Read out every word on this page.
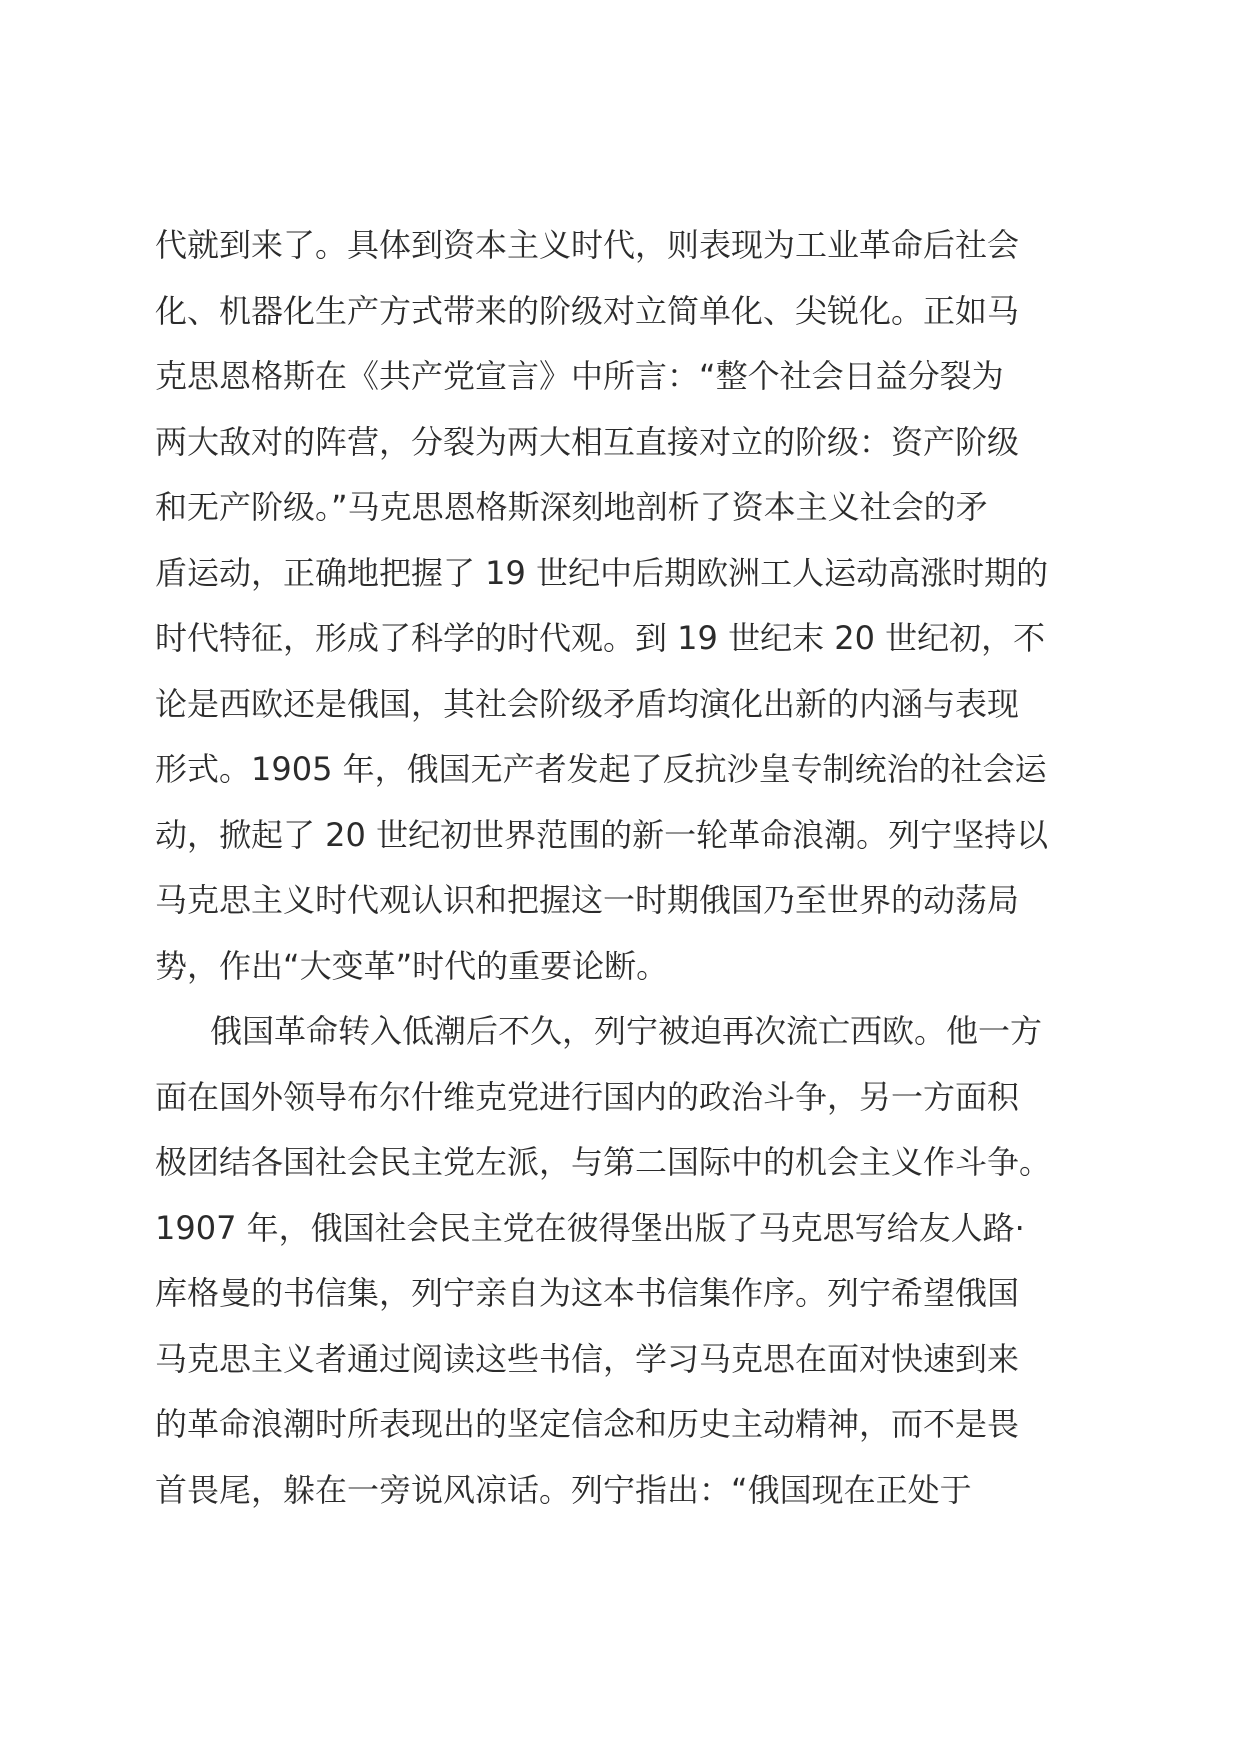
代就到来了。具体到资本主义时代，则表现为工业革命后社会
化、机器化生产方式带来的阶级对立简单化、尖锐化。正如马
克思恩格斯在《共产党宣言》中所言：“整个社会日益分裂为
两大敌对的阵营，分裂为两大相互直接对立的阶级：资产阶级
和无产阶级。”马克思恩格斯深刻地剖析了资本主义社会的矛
盾运动，正确地把握了 19 世纪中后期欧洲工人运动高涨时期的
时代特征，形成了科学的时代观。到 19 世纪末 20 世纪初，不
论是西欧还是俄国，其社会阶级矛盾均演化出新的内涵与表现
形式。1905 年，俄国无产者发起了反抗沙皇专制统治的社会运
动，掀起了 20 世纪初世界范围的新一轮革命浪潮。列宁坚持以
马克思主义时代观认识和把握这一时期俄国乃至世界的动荡局
势，作出“大变革”时代的重要论断。
俄国革命转入低潮后不久，列宁被迫再次流亡西欧。他一方
面在国外领导布尔什维克党进行国内的政治斗争，另一方面积
极团结各国社会民主党左派，与第二国际中的机会主义作斗争。
1907 年，俄国社会民主党在彼得堡出版了马克思写给友人路·
库格曼的书信集，列宁亲自为这本书信集作序。列宁希望俄国
马克思主义者通过阅读这些书信，学习马克思在面对快速到来
的革命浪潮时所表现出的坚定信念和历史主动精神，而不是畏
首畏尾，躲在一旁说风凉话。列宁指出：“俄国现在正处于
